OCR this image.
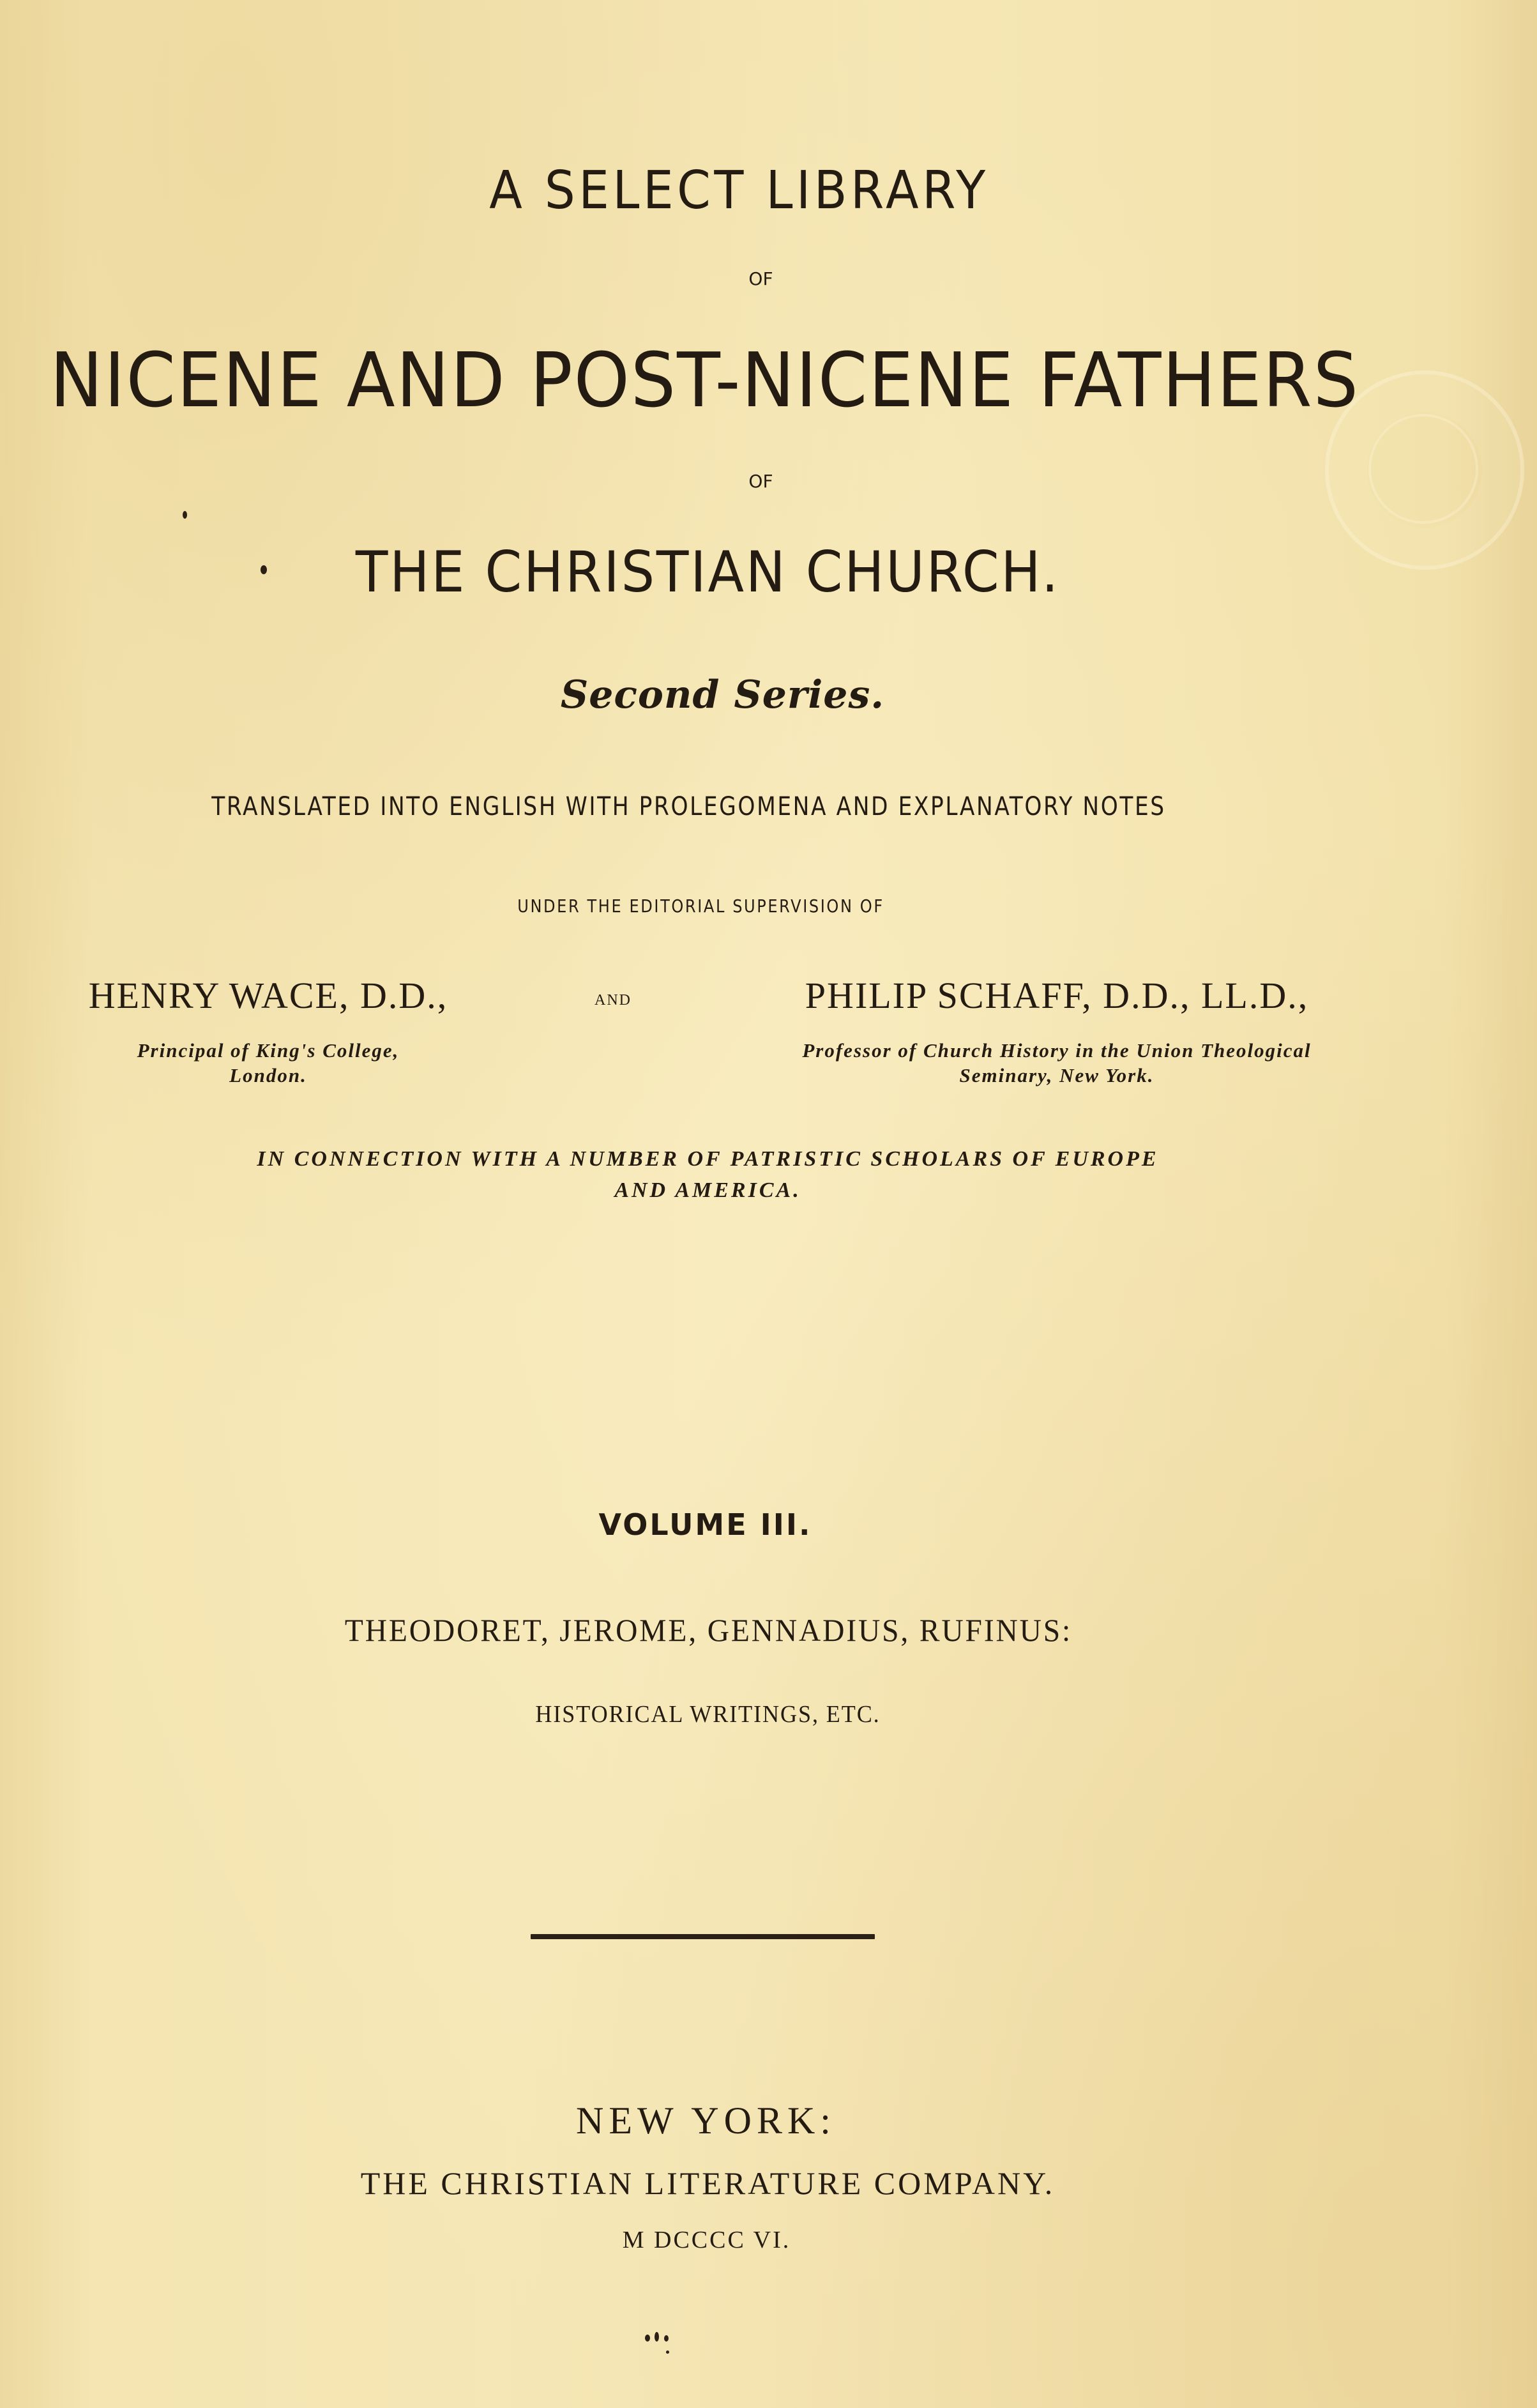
A SELECT LIBRARY
OF
NICENE AND POST-NICENE FATHERS
OF
THE CHRISTIAN CHURCH.
Second Series.
TRANSLATED INTO ENGLISH WITH PROLEGOMENA AND EXPLANATORY NOTES
UNDER THE EDITORIAL SUPERVISION OF
HENRY WACE, D.D.,
Principal of King's College,
London.
AND	PHILIP SCHAFF, D.D., LL.D.,
Professor of Church History in the Union Theological
Seminary, New York.
IN CONNECTION WITH A NUMBER OF PATRISTIC SCHOLARS OF EUROPE
AND AMERICA.
VOLUME III.
THEODORET, JEROME, GENNADIUS, RUFINUS:
HISTORICAL WRITINGS, ETC.
NEW YORK:
THE CHRISTIAN LITERATURE COMPANY.
M DCCCC VI.
